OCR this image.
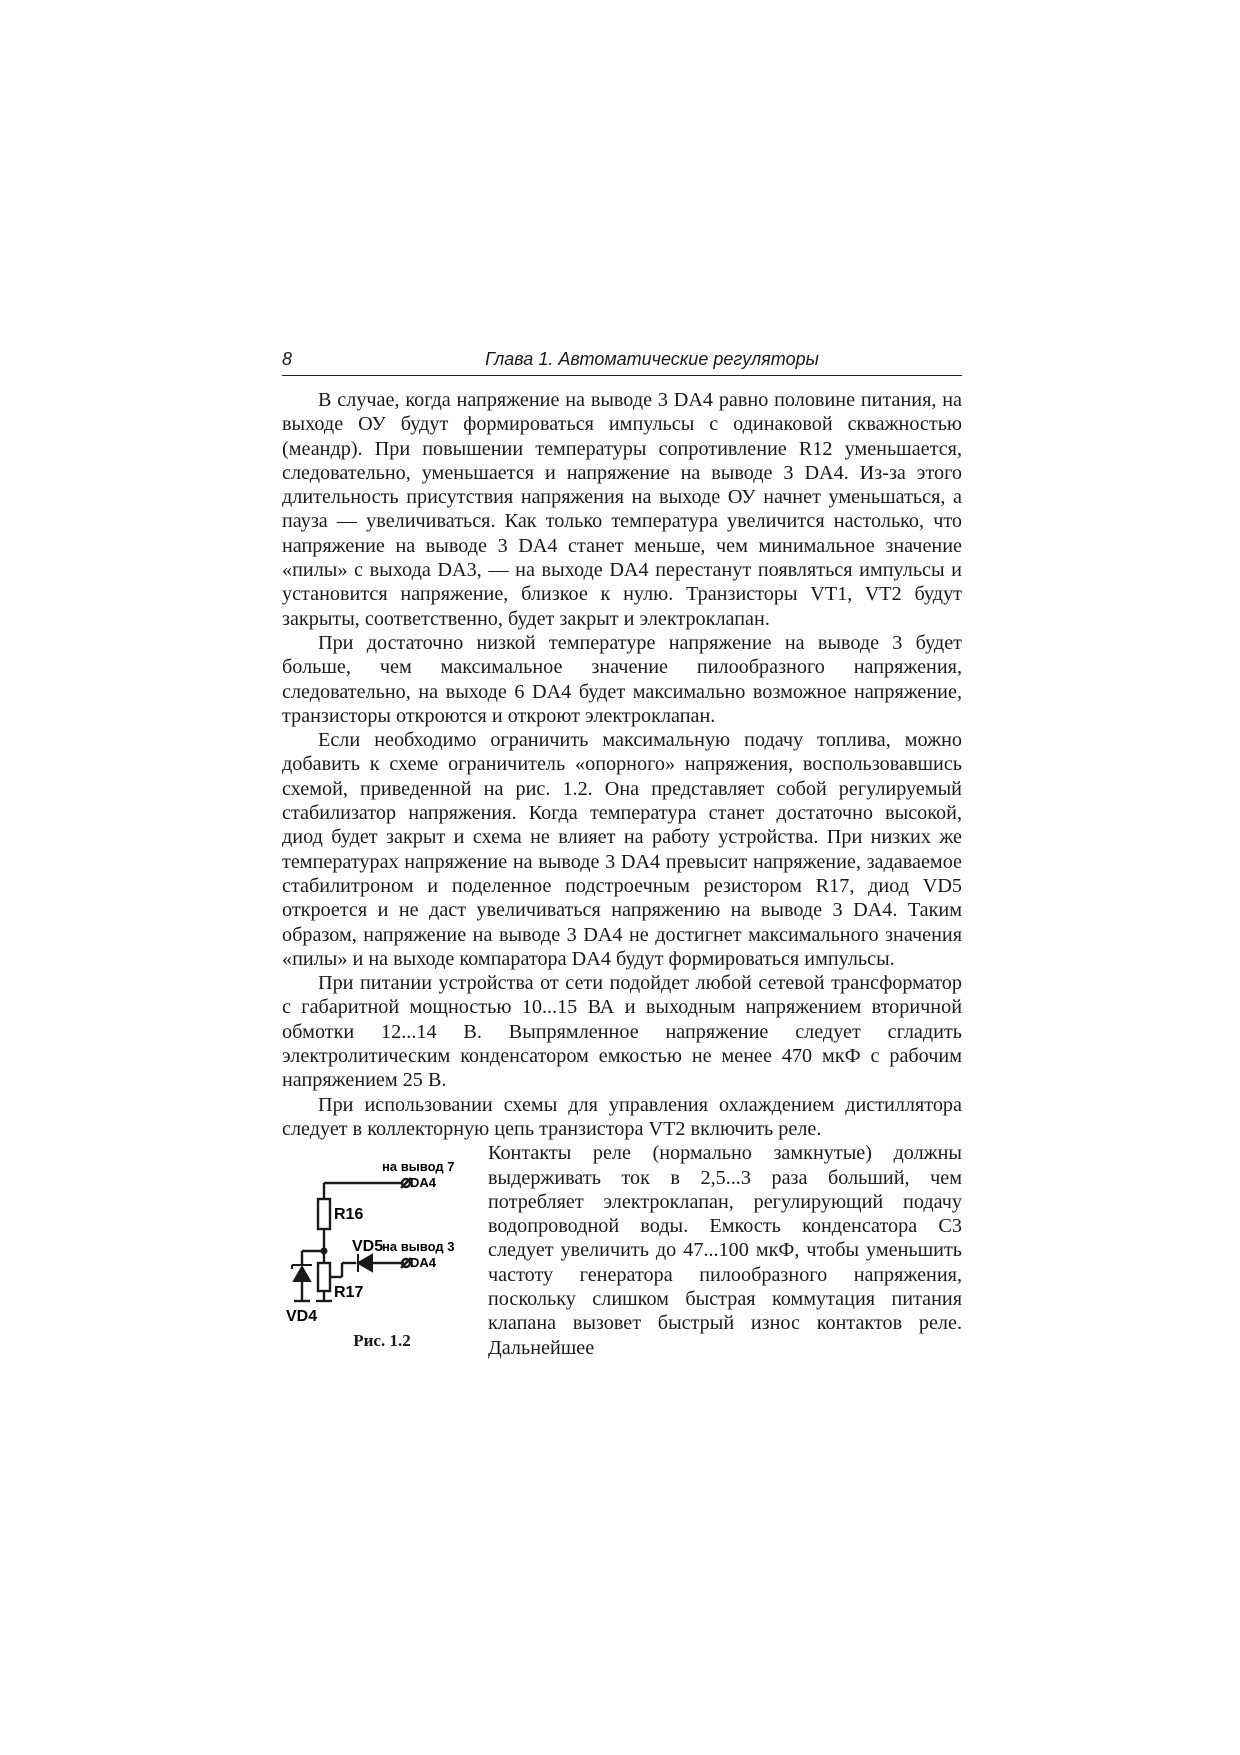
8	Глава 1. Автоматические регуляторы

В случае, когда напряжение на выводе 3 DA4 равно половине питания, на выходе ОУ будут формироваться импульсы с одинаковой скважностью (меандр). При повышении температуры сопротивление R12 уменьшается, следовательно, уменьшается и напряжение на выводе 3 DA4. Из-за этого длительность присутствия напряжения на выходе ОУ начнет уменьшаться, а пауза — увеличиваться. Как только температура увеличится настолько, что напряжение на выводе 3 DA4 станет меньше, чем минимальное значение «пилы» с выхода DA3, — на выходе DA4 перестанут появляться импульсы и установится напряжение, близкое к нулю. Транзисторы VT1, VT2 будут закрыты, соответственно, будет закрыт и электроклапан.

При достаточно низкой температуре напряжение на выводе 3 будет больше, чем максимальное значение пилообразного напряжения, следовательно, на выходе 6 DA4 будет максимально возможное напряжение, транзисторы откроются и откроют электроклапан.

Если необходимо ограничить максимальную подачу топлива, можно добавить к схеме ограничитель «опорного» напряжения, воспользовавшись схемой, приведенной на рис. 1.2. Она представляет собой регулируемый стабилизатор напряжения. Когда температура станет достаточно высокой, диод будет закрыт и схема не влияет на работу устройства. При низких же температурах напряжение на выводе 3 DA4 превысит напряжение, задаваемое стабилитроном и поделенное подстроечным резистором R17, диод VD5 откроется и не даст увеличиваться напряжению на выводе 3 DA4. Таким образом, напряжение на выводе 3 DA4 не достигнет максимального значения «пилы» и на выходе компаратора DA4 будут формироваться импульсы.

При питании устройства от сети подойдет любой сетевой трансформатор с габаритной мощностью 10...15 ВА и выходным напряжением вторичной обмотки 12...14 В. Выпрямленное напряжение следует сгладить электролитическим конденсатором емкостью не менее 470 мкФ с рабочим напряжением 25 В.

При использовании схемы для управления охлаждением дистиллятора следует в коллекторную цепь транзистора VT2 включить реле.

на вывод 7
DA4
на вывод 3
DA4
R16
VD5
R17
VD4
Рис. 1.2

Контакты реле (нормально замкнутые) должны выдерживать ток в 2,5...3 раза больший, чем потребляет электроклапан, регулирующий подачу водопроводной воды. Емкость конденсатора С3 следует увеличить до 47...100 мкФ, чтобы уменьшить частоту генератора пилообразного напряжения, поскольку слишком быстрая коммутация питания клапана вызовет быстрый износ контактов реле. Дальнейшее
